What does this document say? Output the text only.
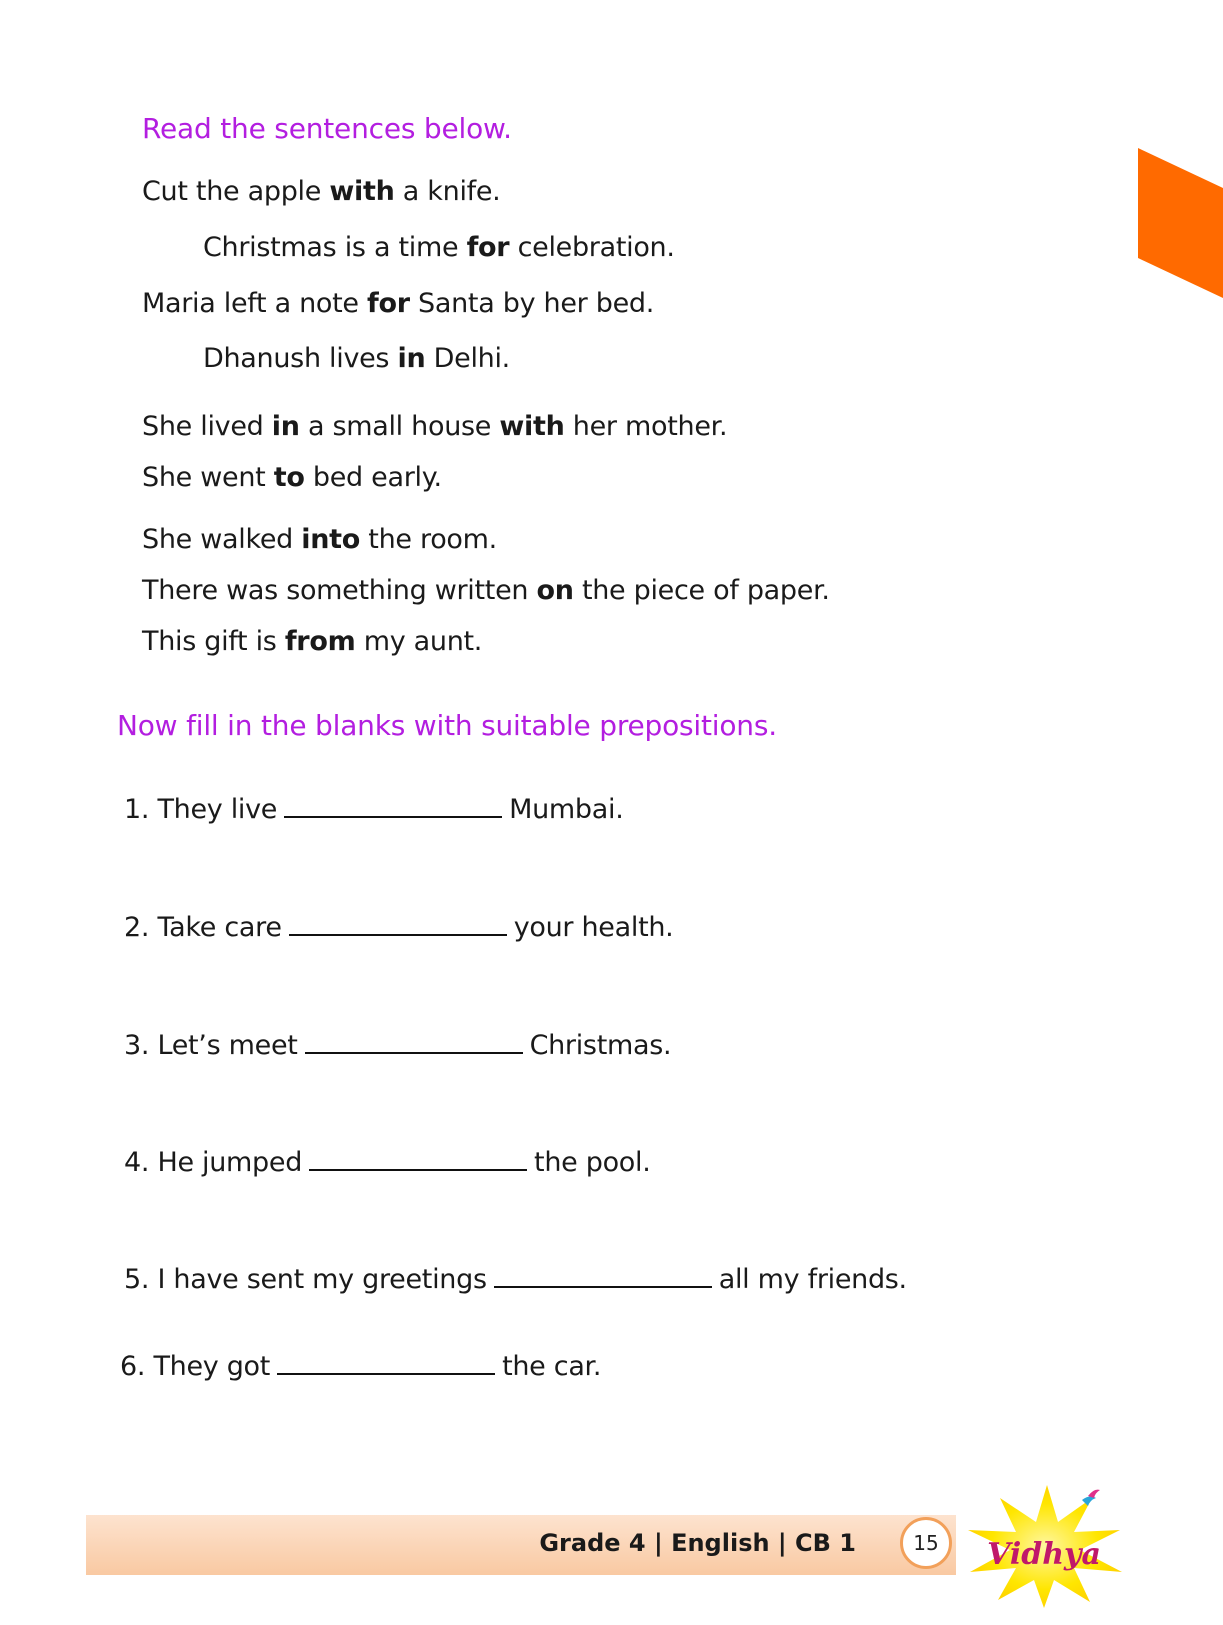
Read the sentences below.
Cut the apple with a knife.
Christmas is a time for celebration.
Maria left a note for Santa by her bed.
Dhanush lives in Delhi.
She lived in a small house with her mother.
She went to bed early.
She walked into the room.
There was something written on the piece of paper.
This gift is from my aunt.
Now fill in the blanks with suitable prepositions.
1. They live	Mumbai.
2. Take care	your health.
3. Let’s meet	Christmas.
4. He jumped	the pool.
5. I have sent my greetings	all my friends.
6. They got	the car.
Grade 4 | English | CB 1	15	Vidhya
